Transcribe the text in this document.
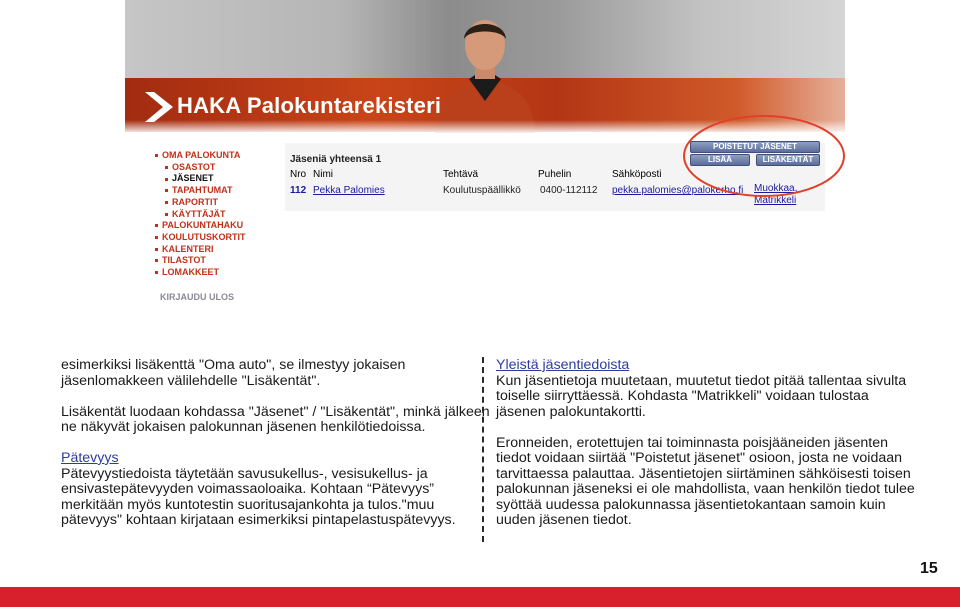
HAKA Palokuntarekisteri
OMA PALOKUNTA
OSASTOT
JÄSENET
TAPAHTUMAT
RAPORTIT
KÄYTTÄJÄT
PALOKUNTAHAKU
KOULUTUSKORTIT
KALENTERI
TILASTOT
LOMAKKEET
KIRJAUDU ULOS
Jäseniä yhteensä 1
Nro Nimi	Tehtävä	Puhelin	Sähköposti
112 Pekka Palomies	Koulutuspäällikkö 0400-112112 pekka.palomies@palokerho.fi Muokkaa,
Matrikkeli
POISTETUT JÄSENET
LISÄÄ	LISÄKENTÄT

esimerkiksi lisäkenttä "Oma auto", se ilmestyy jokaisen jäsenlomakkeen välilehdelle "Lisäkentät".

Lisäkentät luodaan kohdassa "Jäsenet" / "Lisäkentät", minkä jälkeen ne näkyvät jokaisen palokunnan jäsenen henkilötiedoissa.

Pätevyys

Pätevyystiedoista täytetään savusukellus-, vesisukellus- ja ensivastepätevyyden voimassaoloaika. Kohtaan “Pätevyys” merkitään myös kuntotestin suoritusajankohta ja tulos."muu pätevyys" kohtaan kirjataan esimerkiksi pintapelastuspätevyys.

Yleistä jäsentiedoista

Kun jäsentietoja muutetaan, muutetut tiedot pitää tallentaa sivulta toiselle siirryttäessä. Kohdasta "Matrikkeli" voidaan tulostaa jäsenen palokuntakortti.

Eronneiden, erotettujen tai toiminnasta poisjääneiden jäsenten tiedot voidaan siirtää "Poistetut jäsenet" osioon, josta ne voidaan tarvittaessa palauttaa. Jäsentietojen siirtäminen sähköisesti toisen palokunnan jäseneksi ei ole mahdollista, vaan henkilön tiedot tulee syöttää uudessa palokunnassa jäsentietokantaan samoin kuin uuden jäsenen tiedot.

15
